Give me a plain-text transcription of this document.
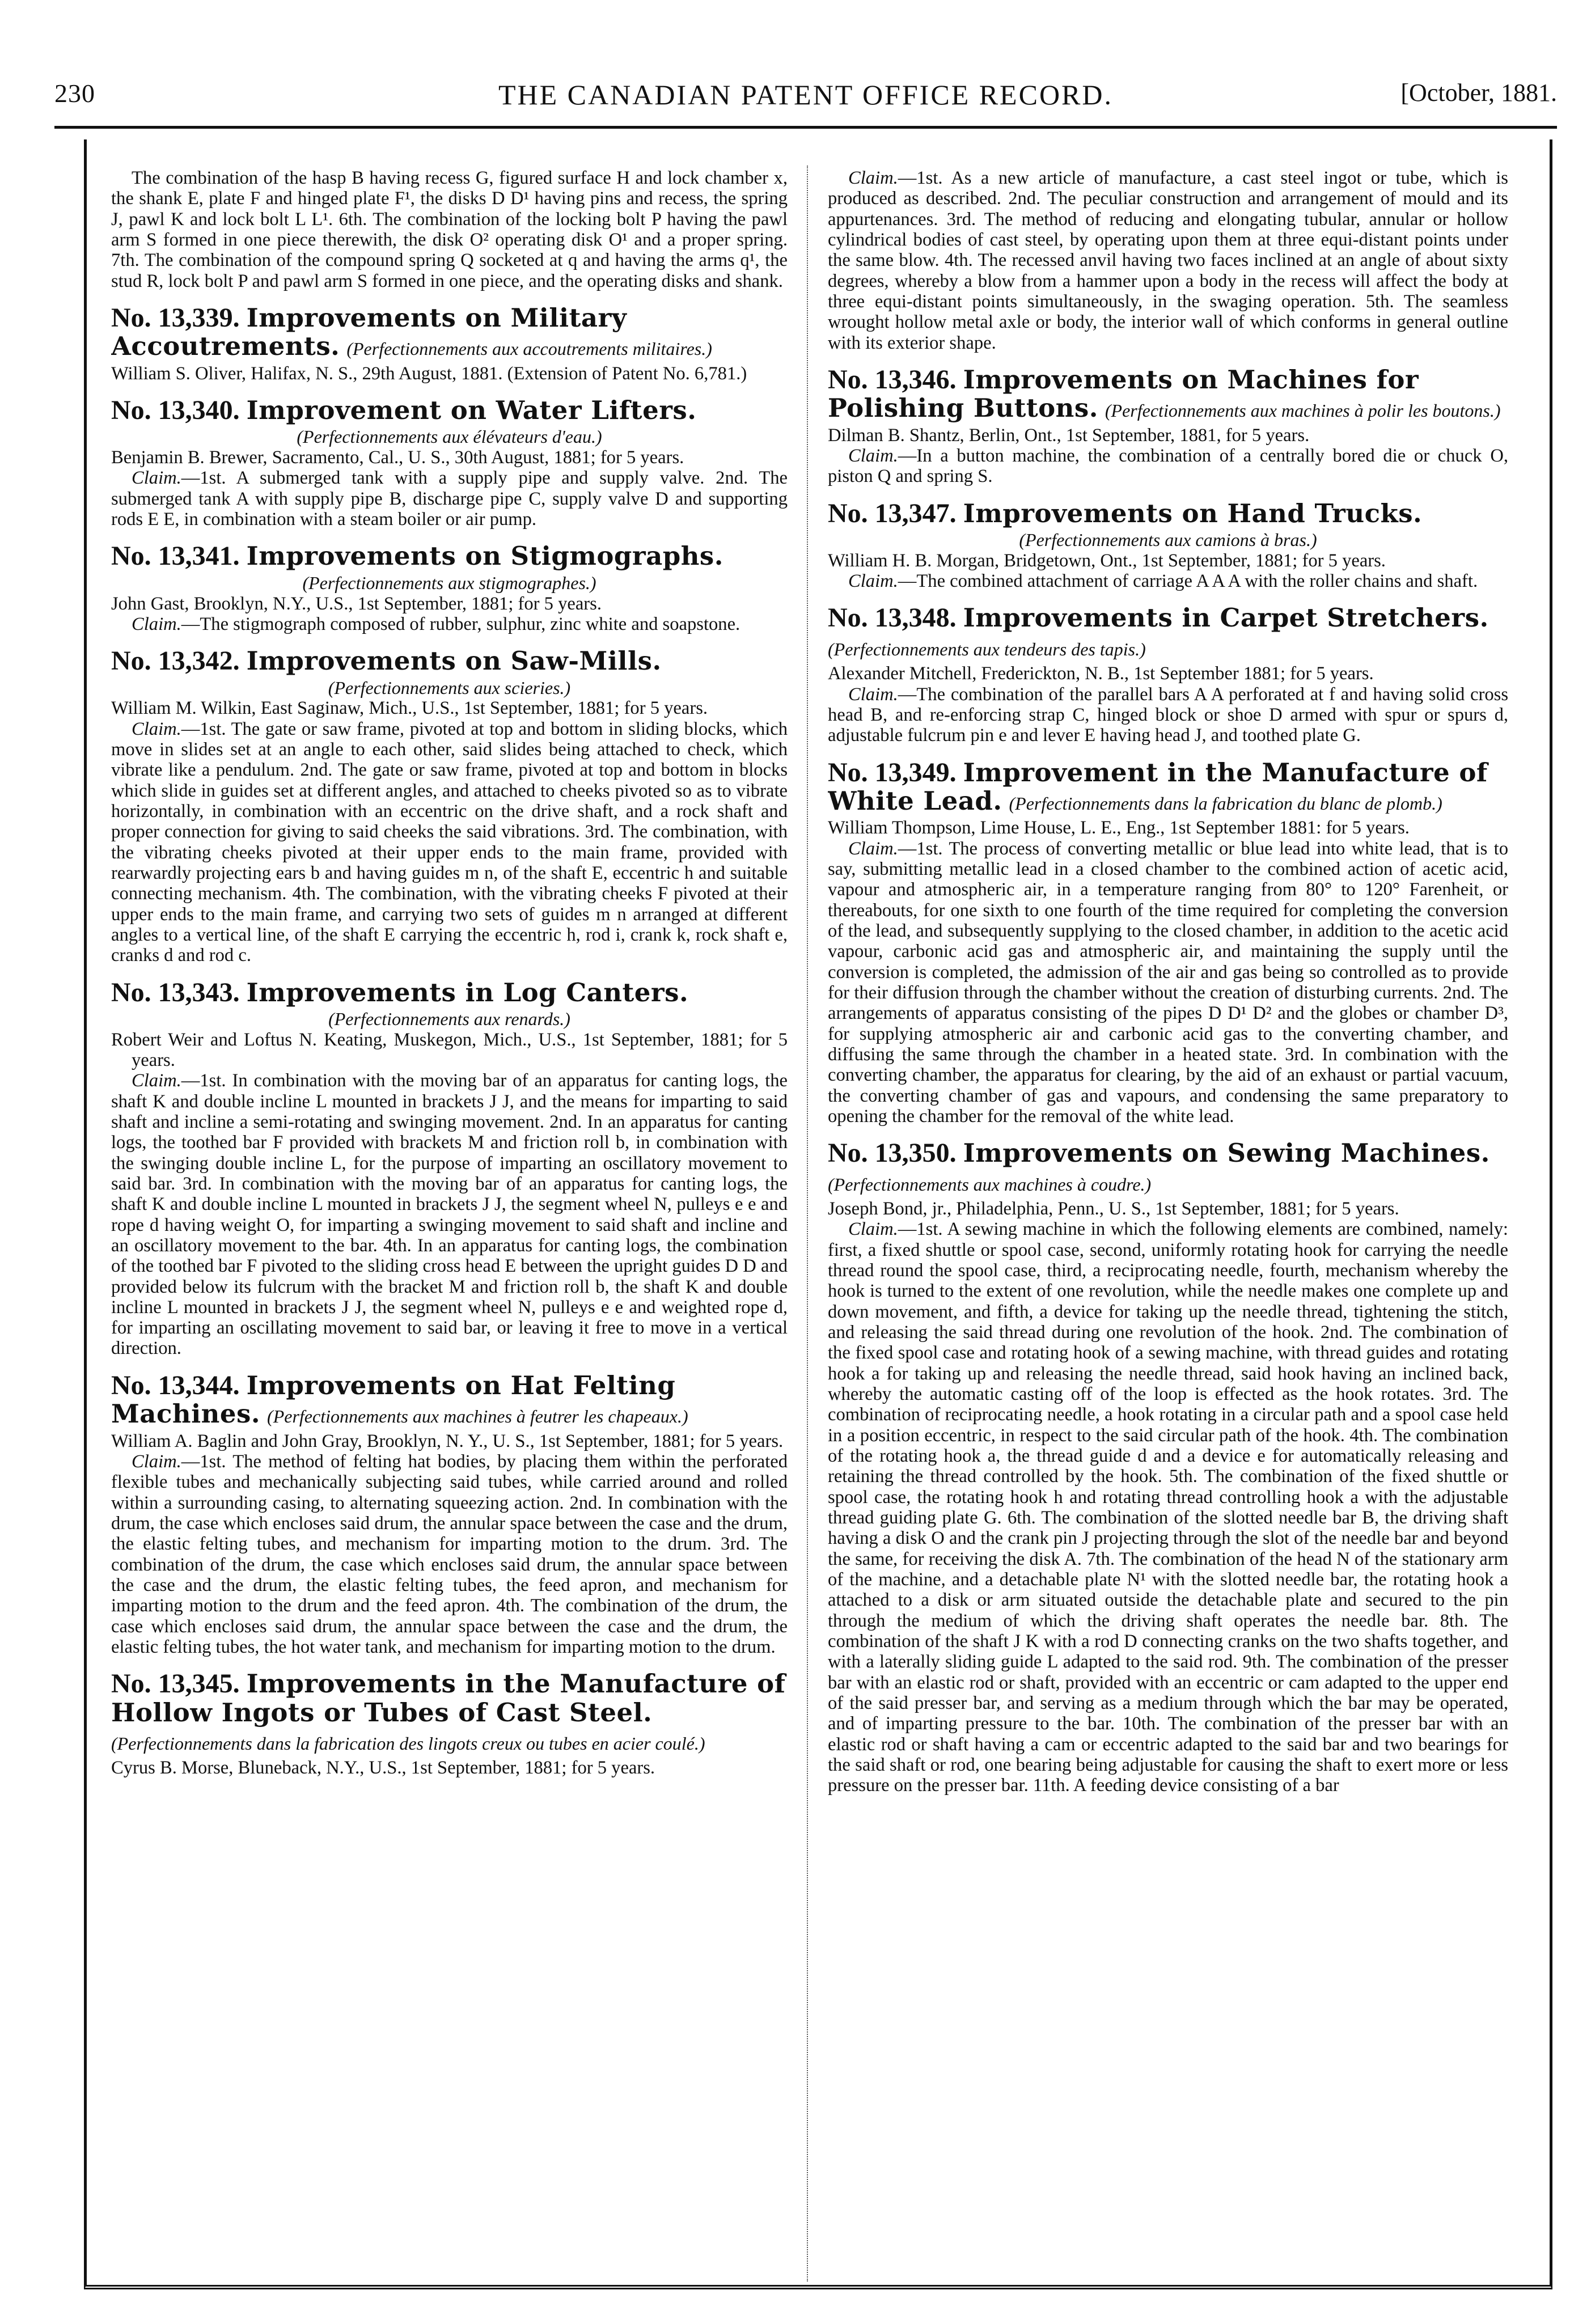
230	THE CANADIAN PATENT OFFICE RECORD.	[October, 1881.

The combination of the hasp B having recess G, figured surface H and lock chamber x, the shank E, plate F and hinged plate F¹, the disks D D¹ having pins and recess, the spring J, pawl K and lock bolt L L¹. 6th. The combination of the locking bolt P having the pawl arm S formed in one piece therewith, the disk O² operating disk O¹ and a proper spring. 7th. The combination of the compound spring Q socketed at q and having the arms q¹, the stud R, lock bolt P and pawl arm S formed in one piece, and the operating disks and shank.

No. 13,339. Improvements on Military Accoutrements. (Perfectionnements aux accoutrements militaires.)

William S. Oliver, Halifax, N. S., 29th August, 1881. (Extension of Patent No. 6,781.)

No. 13,340. Improvement on Water Lifters.

(Perfectionnements aux élévateurs d'eau.)

Benjamin B. Brewer, Sacramento, Cal., U. S., 30th August, 1881; for 5 years.

Claim.—1st. A submerged tank with a supply pipe and supply valve. 2nd. The submerged tank A with supply pipe B, discharge pipe C, supply valve D and supporting rods E E, in combination with a steam boiler or air pump.

No. 13,341. Improvements on Stigmographs.

(Perfectionnements aux stigmographes.)

John Gast, Brooklyn, N.Y., U.S., 1st September, 1881; for 5 years.

Claim.—The stigmograph composed of rubber, sulphur, zinc white and soapstone.

No. 13,342. Improvements on Saw-Mills.

(Perfectionnements aux scieries.)

William M. Wilkin, East Saginaw, Mich., U.S., 1st September, 1881; for 5 years.

Claim.—1st. The gate or saw frame, pivoted at top and bottom in sliding blocks, which move in slides set at an angle to each other, said slides being attached to check, which vibrate like a pendulum. 2nd. The gate or saw frame, pivoted at top and bottom in blocks which slide in guides set at different angles, and attached to cheeks pivoted so as to vibrate horizontally, in combination with an eccentric on the drive shaft, and a rock shaft and proper connection for giving to said cheeks the said vibrations. 3rd. The combination, with the vibrating cheeks pivoted at their upper ends to the main frame, provided with rearwardly projecting ears b and having guides m n, of the shaft E, eccentric h and suitable connecting mechanism. 4th. The combination, with the vibrating cheeks F pivoted at their upper ends to the main frame, and carrying two sets of guides m n arranged at different angles to a vertical line, of the shaft E carrying the eccentric h, rod i, crank k, rock shaft e, cranks d and rod c.

No. 13,343. Improvements in Log Canters.

(Perfectionnements aux renards.)

Robert Weir and Loftus N. Keating, Muskegon, Mich., U.S., 1st September, 1881; for 5 years.

Claim.—1st. In combination with the moving bar of an apparatus for canting logs, the shaft K and double incline L mounted in brackets J J, and the means for imparting to said shaft and incline a semi-rotating and swinging movement. 2nd. In an apparatus for canting logs, the toothed bar F provided with brackets M and friction roll b, in combination with the swinging double incline L, for the purpose of imparting an oscillatory movement to said bar. 3rd. In combination with the moving bar of an apparatus for canting logs, the shaft K and double incline L mounted in brackets J J, the segment wheel N, pulleys e e and rope d having weight O, for imparting a swinging movement to said shaft and incline and an oscillatory movement to the bar. 4th. In an apparatus for canting logs, the combination of the toothed bar F pivoted to the sliding cross head E between the upright guides D D and provided below its fulcrum with the bracket M and friction roll b, the shaft K and double incline L mounted in brackets J J, the segment wheel N, pulleys e e and weighted rope d, for imparting an oscillating movement to said bar, or leaving it free to move in a vertical direction.

No. 13,344. Improvements on Hat Felting Machines. (Perfectionnements aux machines à feutrer les chapeaux.)

William A. Baglin and John Gray, Brooklyn, N. Y., U. S., 1st September, 1881; for 5 years.

Claim.—1st. The method of felting hat bodies, by placing them within the perforated flexible tubes and mechanically subjecting said tubes, while carried around and rolled within a surrounding casing, to alternating squeezing action. 2nd. In combination with the drum, the case which encloses said drum, the annular space between the case and the drum, the elastic felting tubes, and mechanism for imparting motion to the drum. 3rd. The combination of the drum, the case which encloses said drum, the annular space between the case and the drum, the elastic felting tubes, the feed apron, and mechanism for imparting motion to the drum and the feed apron. 4th. The combination of the drum, the case which encloses said drum, the annular space between the case and the drum, the elastic felting tubes, the hot water tank, and mechanism for imparting motion to the drum.

No. 13,345. Improvements in the Manufacture of Hollow Ingots or Tubes of Cast Steel. (Perfectionnements dans la fabrication des lingots creux ou tubes en acier coulé.)

Cyrus B. Morse, Bluneback, N.Y., U.S., 1st September, 1881; for 5 years.

Claim.—1st. As a new article of manufacture, a cast steel ingot or tube, which is produced as described. 2nd. The peculiar construction and arrangement of mould and its appurtenances. 3rd. The method of reducing and elongating tubular, annular or hollow cylindrical bodies of cast steel, by operating upon them at three equi-distant points under the same blow. 4th. The recessed anvil having two faces inclined at an angle of about sixty degrees, whereby a blow from a hammer upon a body in the recess will affect the body at three equi-distant points simultaneously, in the swaging operation. 5th. The seamless wrought hollow metal axle or body, the interior wall of which conforms in general outline with its exterior shape.

No. 13,346. Improvements on Machines for Polishing Buttons. (Perfectionnements aux machines à polir les boutons.)

Dilman B. Shantz, Berlin, Ont., 1st September, 1881, for 5 years.

Claim.—In a button machine, the combination of a centrally bored die or chuck O, piston Q and spring S.

No. 13,347. Improvements on Hand Trucks.

(Perfectionnements aux camions à bras.)

William H. B. Morgan, Bridgetown, Ont., 1st September, 1881; for 5 years.

Claim.—The combined attachment of carriage A A A with the roller chains and shaft.

No. 13,348. Improvements in Carpet Stretchers. (Perfectionnements aux tendeurs des tapis.)

Alexander Mitchell, Frederickton, N. B., 1st September 1881; for 5 years.

Claim.—The combination of the parallel bars A A perforated at f and having solid cross head B, and re-enforcing strap C, hinged block or shoe D armed with spur or spurs d, adjustable fulcrum pin e and lever E having head J, and toothed plate G.

No. 13,349. Improvement in the Manufacture of White Lead. (Perfectionnements dans la fabrication du blanc de plomb.)

William Thompson, Lime House, L. E., Eng., 1st September 1881: for 5 years.

Claim.—1st. The process of converting metallic or blue lead into white lead, that is to say, submitting metallic lead in a closed chamber to the combined action of acetic acid, vapour and atmospheric air, in a temperature ranging from 80° to 120° Farenheit, or thereabouts, for one sixth to one fourth of the time required for completing the conversion of the lead, and subsequently supplying to the closed chamber, in addition to the acetic acid vapour, carbonic acid gas and atmospheric air, and maintaining the supply until the conversion is completed, the admission of the air and gas being so controlled as to provide for their diffusion through the chamber without the creation of disturbing currents. 2nd. The arrangements of apparatus consisting of the pipes D D¹ D² and the globes or chamber D³, for supplying atmospheric air and carbonic acid gas to the converting chamber, and diffusing the same through the chamber in a heated state. 3rd. In combination with the converting chamber, the apparatus for clearing, by the aid of an exhaust or partial vacuum, the converting chamber of gas and vapours, and condensing the same preparatory to opening the chamber for the removal of the white lead.

No. 13,350. Improvements on Sewing Machines. (Perfectionnements aux machines à coudre.)

Joseph Bond, jr., Philadelphia, Penn., U. S., 1st September, 1881; for 5 years.

Claim.—1st. A sewing machine in which the following elements are combined, namely: first, a fixed shuttle or spool case, second, uniformly rotating hook for carrying the needle thread round the spool case, third, a reciprocating needle, fourth, mechanism whereby the hook is turned to the extent of one revolution, while the needle makes one complete up and down movement, and fifth, a device for taking up the needle thread, tightening the stitch, and releasing the said thread during one revolution of the hook. 2nd. The combination of the fixed spool case and rotating hook of a sewing machine, with thread guides and rotating hook a for taking up and releasing the needle thread, said hook having an inclined back, whereby the automatic casting off of the loop is effected as the hook rotates. 3rd. The combination of reciprocating needle, a hook rotating in a circular path and a spool case held in a position eccentric, in respect to the said circular path of the hook. 4th. The combination of the rotating hook a, the thread guide d and a device e for automatically releasing and retaining the thread controlled by the hook. 5th. The combination of the fixed shuttle or spool case, the rotating hook h and rotating thread controlling hook a with the adjustable thread guiding plate G. 6th. The combination of the slotted needle bar B, the driving shaft having a disk O and the crank pin J projecting through the slot of the needle bar and beyond the same, for receiving the disk A. 7th. The combination of the head N of the stationary arm of the machine, and a detachable plate N¹ with the slotted needle bar, the rotating hook a attached to a disk or arm situated outside the detachable plate and secured to the pin through the medium of which the driving shaft operates the needle bar. 8th. The combination of the shaft J K with a rod D connecting cranks on the two shafts together, and with a laterally sliding guide L adapted to the said rod. 9th. The combination of the presser bar with an elastic rod or shaft, provided with an eccentric or cam adapted to the upper end of the said presser bar, and serving as a medium through which the bar may be operated, and of imparting pressure to the bar. 10th. The combination of the presser bar with an elastic rod or shaft having a cam or eccentric adapted to the said bar and two bearings for the said shaft or rod, one bearing being adjustable for causing the shaft to exert more or less pressure on the presser bar. 11th. A feeding device consisting of a bar
